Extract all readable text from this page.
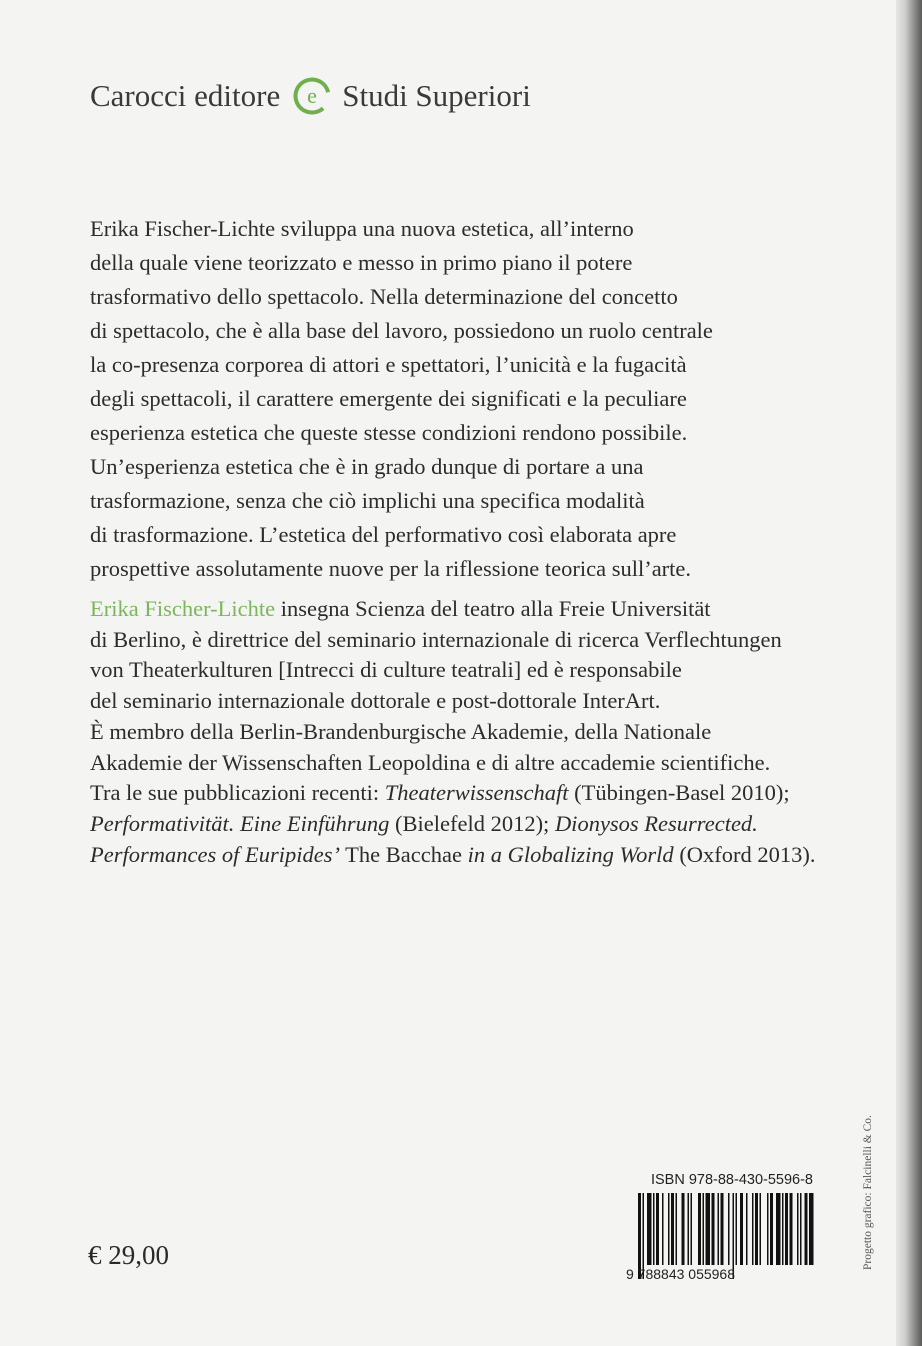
Carocci editore e Studi Superiori
Erika Fischer-Lichte sviluppa una nuova estetica, all’interno
della quale viene teorizzato e messo in primo piano il potere
trasformativo dello spettacolo. Nella determinazione del concetto
di spettacolo, che è alla base del lavoro, possiedono un ruolo centrale
la co-presenza corporea di attori e spettatori, l’unicità e la fugacità
degli spettacoli, il carattere emergente dei significati e la peculiare
esperienza estetica che queste stesse condizioni rendono possibile.
Un’esperienza estetica che è in grado dunque di portare a una
trasformazione, senza che ciò implichi una specifica modalità
di trasformazione. L’estetica del performativo così elaborata apre
prospettive assolutamente nuove per la riflessione teorica sull’arte.
Erika Fischer-Lichte insegna Scienza del teatro alla Freie Universität
di Berlino, è direttrice del seminario internazionale di ricerca Verflechtungen
von Theaterkulturen [Intrecci di culture teatrali] ed è responsabile
del seminario internazionale dottorale e post-dottorale InterArt.
È membro della Berlin-Brandenburgische Akademie, della Nationale
Akademie der Wissenschaften Leopoldina e di altre accademie scientifiche.
Tra le sue pubblicazioni recenti: Theaterwissenschaft (Tübingen-Basel 2010);
Performativität. Eine Einführung (Bielefeld 2012); Dionysos Resurrected.
Performances of Euripides’ The Bacchae in a Globalizing World (Oxford 2013).
€ 29,00
ISBN 978-88-430-5596-8
9 788843 055968
Progetto grafico: Falcinelli & Co.
